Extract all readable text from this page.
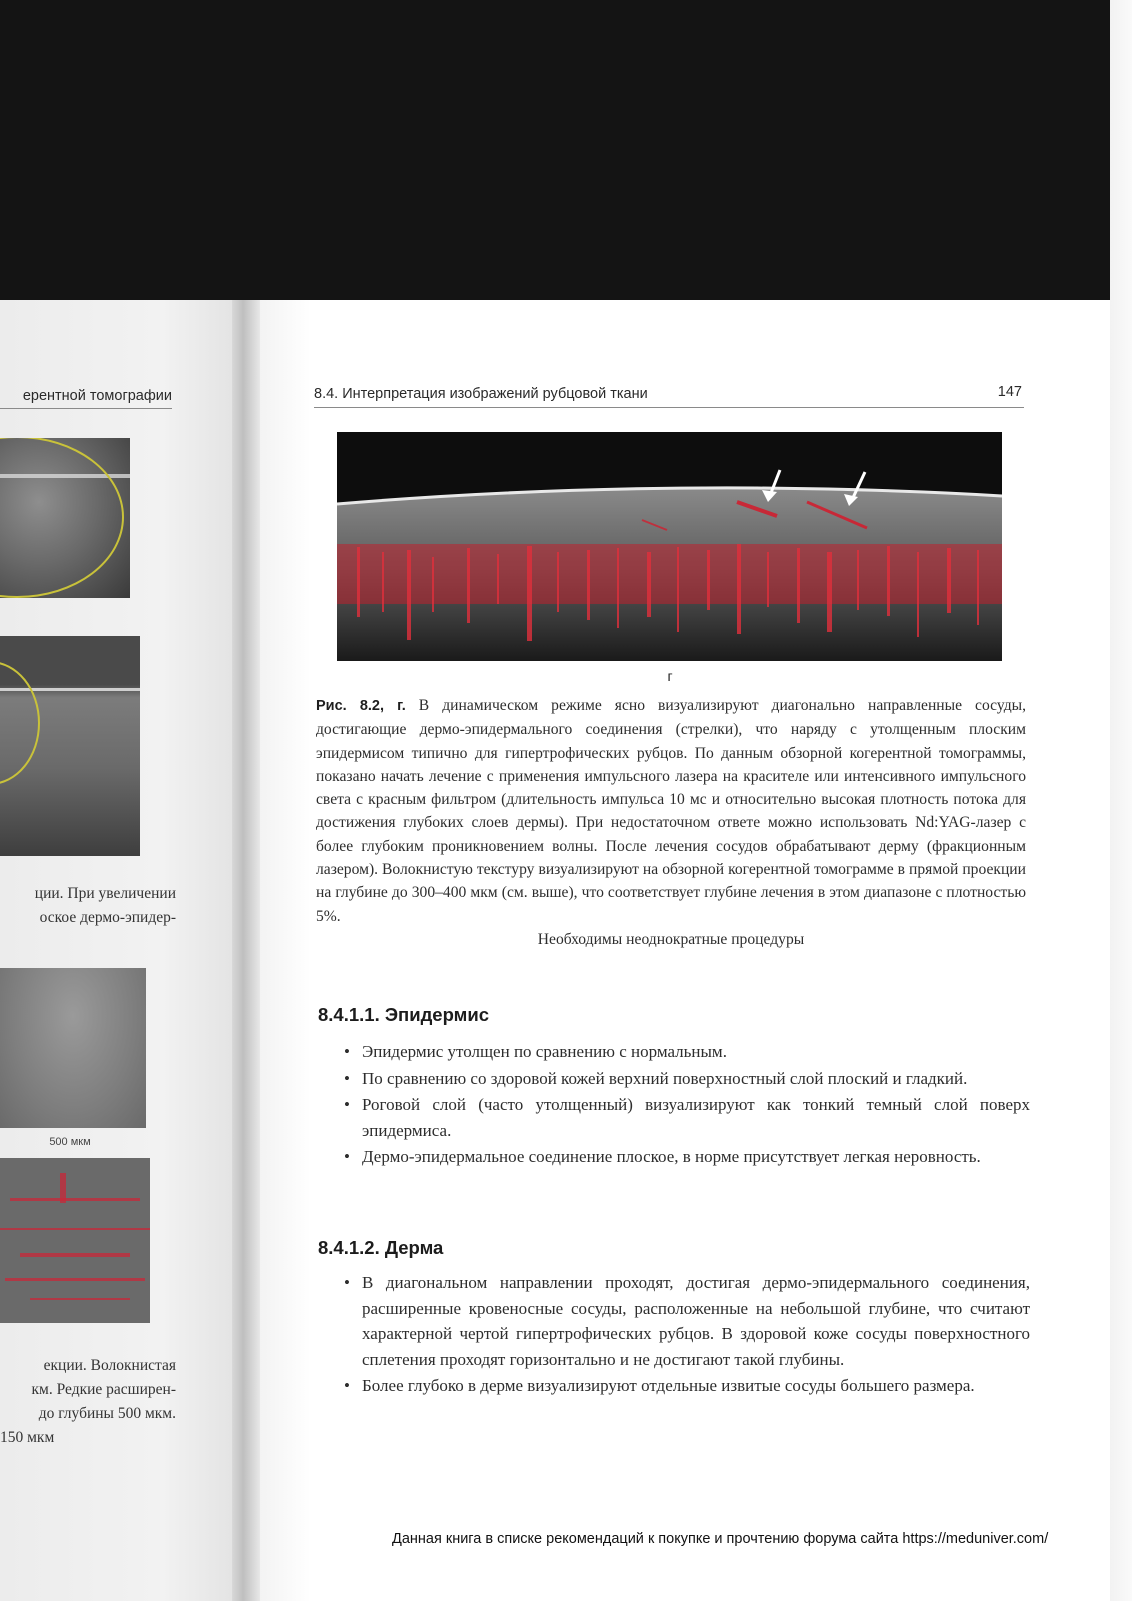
ерентной томографии
ции. При увеличении
оское дермо-эпидер-
500 мкм
екции. Волокнистая
км. Редкие расширен-
до глубины 500 мкм.
150 мкм
8.4. Интерпретация изображений рубцовой ткани	147
г
Рис. 8.2, г. В динамическом режиме ясно визуализируют диагонально направленные сосуды, достигающие дермо-эпидермального соединения (стрелки), что наряду с утолщенным плоским эпидермисом типично для гипертрофических рубцов. По данным обзорной когерентной томограммы, показано начать лечение с применения импульсного лазера на красителе или интенсивного импульсного света с красным фильтром (длительность импульса 10 мс и относительно высокая плотность потока для достижения глубоких слоев дермы). При недостаточном ответе можно использовать Nd:YAG-лазер с более глубоким проникновением волны. После лечения сосудов обрабатывают дерму (фракционным лазером). Волокнистую текстуру визуализируют на обзорной когерентной томограмме в прямой проекции на глубине до 300–400 мкм (см. выше), что соответствует глубине лечения в этом диапазоне с плотностью 5%.
Необходимы неоднократные процедуры
8.4.1.1. Эпидермис
• Эпидермис утолщен по сравнению с нормальным.
• По сравнению со здоровой кожей верхний поверхностный слой плоский и гладкий.
• Роговой слой (часто утолщенный) визуализируют как тонкий темный слой поверх эпидермиса.
• Дермо-эпидермальное соединение плоское, в норме присутствует легкая неровность.
8.4.1.2. Дерма
• В диагональном направлении проходят, достигая дермо-эпидермального соединения, расширенные кровеносные сосуды, расположенные на небольшой глубине, что считают характерной чертой гипертрофических рубцов. В здоровой коже сосуды поверхностного сплетения проходят горизонтально и не достигают такой глубины.
• Более глубоко в дерме визуализируют отдельные извитые сосуды большего размера.
Данная книга в списке рекомендаций к покупке и прочтению форума сайта https://meduniver.com/
